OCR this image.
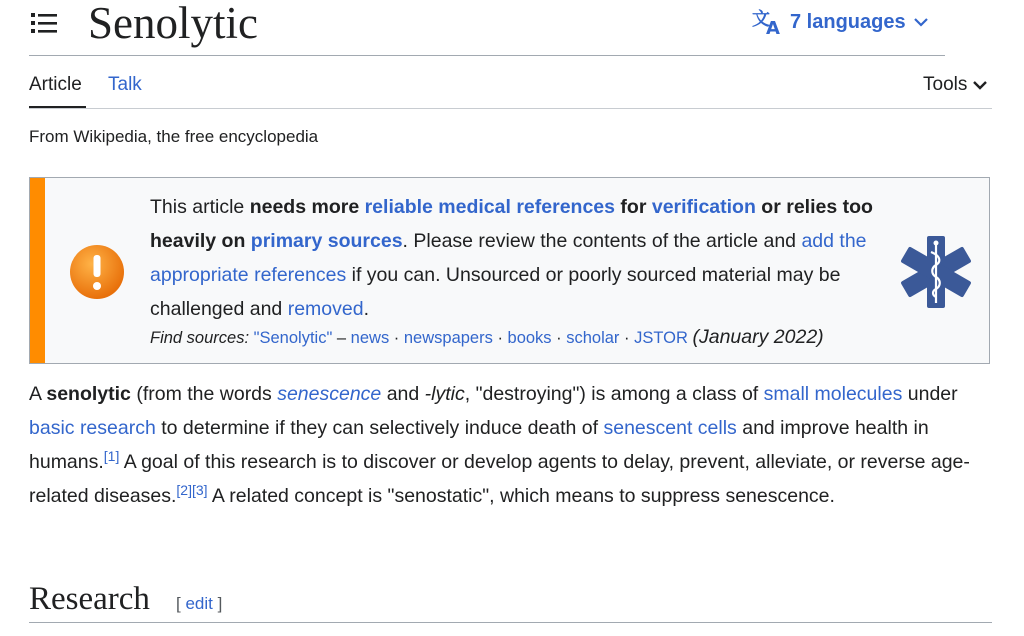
Senolytic	文
A 7 languages
Article Talk	Tools
From Wikipedia, the free encyclopedia
This article needs more reliable medical references for verification or relies too heavily on primary sources. Please review the contents of the article and add the appropriate references if you can. Unsourced or poorly sourced material may be challenged and removed.
Find sources: "Senolytic" – news · newspapers · books · scholar · JSTOR (January 2022)

A senolytic (from the words senescence and -lytic, "destroying") is among a class of small molecules under basic research to determine if they can selectively induce death of senescent cells and improve health in humans.[1] A goal of this research is to discover or develop agents to delay, prevent, alleviate, or reverse age-related diseases.[2][3] A related concept is "senostatic", which means to suppress senescence.

Research [ edit ]
